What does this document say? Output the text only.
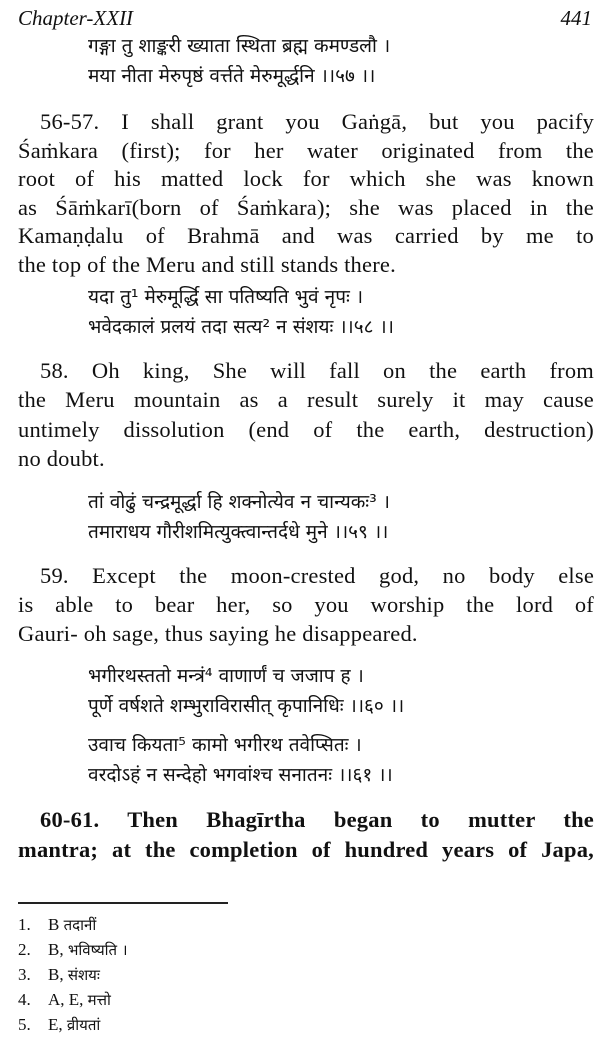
Chapter-XXII	441
गङ्गा तु शाङ्करी ख्याता स्थिता ब्रह्म कमण्डलौ ।
मया नीता मेरुपृष्ठं वर्त्तते मेरुमूर्द्धनि ।।५७ ।।
56-57. I shall grant you Gaṅgā, but you pacify
Śaṁkara (first); for her water originated from the
root of his matted lock for which she was known
as Śāṁkarī(born of Śaṁkara); she was placed in the
Kamaṇḍalu of Brahmā and was carried by me to
the top of the Meru and still stands there.
यदा तु¹ मेरुमूर्द्धि सा पतिष्यति भुवं नृपः ।
भवेदकालं प्रलयं तदा सत्य² न संशयः ।।५८ ।।
58. Oh king, She will fall on the earth from
the Meru mountain as a result surely it may cause
untimely dissolution (end of the earth, destruction)
no doubt.
तां वोढुं चन्द्रमूर्द्धा हि शक्नोत्येव न चान्यकः³ ।
तमाराधय गौरीशमित्युक्त्वान्तर्दधे मुने ।।५९ ।।
59. Except the moon-crested god, no body else
is able to bear her, so you worship the lord of
Gauri- oh sage, thus saying he disappeared.
भगीरथस्ततो मन्त्रं⁴ वाणार्णं च जजाप ह ।
पूर्णे वर्षशते शम्भुराविरासीत् कृपानिधिः ।।६० ।।
उवाच कियता⁵ कामो भगीरथ तवेप्सितः ।
वरदोऽहं न सन्देहो भगवांश्च सनातनः ।।६१ ।।
60-61. Then Bhagīrtha began to mutter the
mantra; at the completion of hundred years of Japa,
1. B तदानीं
2. B, भविष्यति ।
3. B, संशयः
4. A, E, मत्तो
5. E, व्रीयतां
